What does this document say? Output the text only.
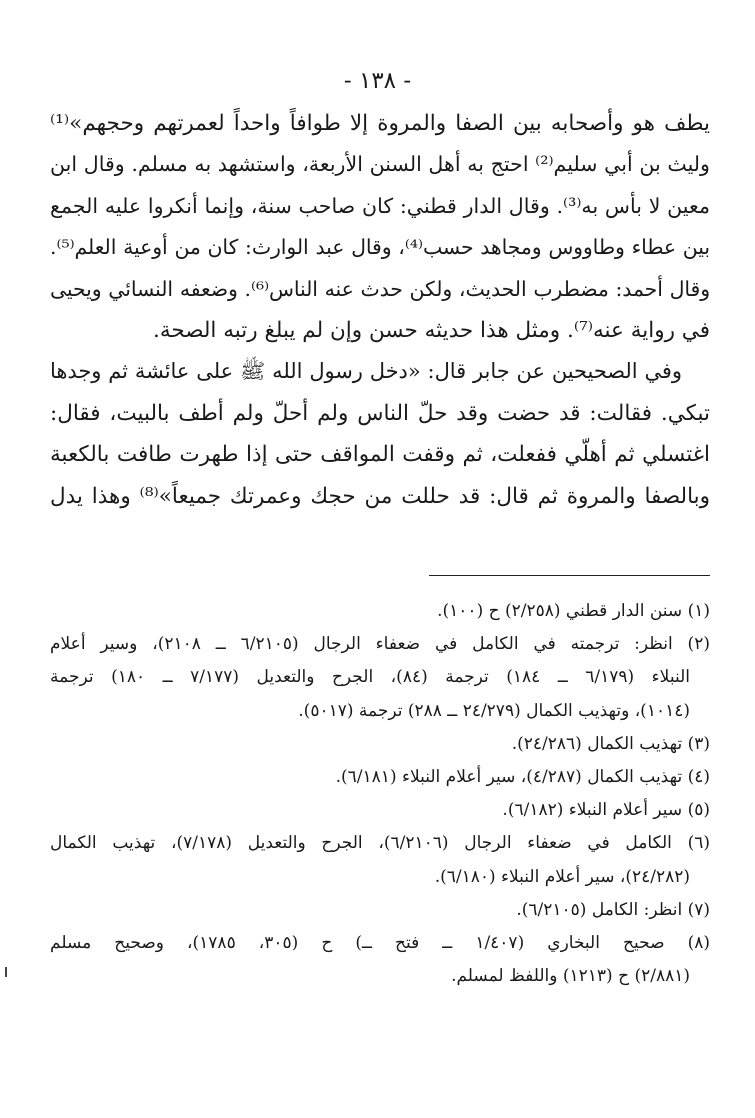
- ١٣٨ -
يطف هو وأصحابه بين الصفا والمروة إلا طوافاً واحداً لعمرتهم وحجهم»⁽¹⁾
وليث بن أبي سليم⁽²⁾ احتج به أهل السنن الأربعة، واستشهد به مسلم. وقال ابن
معين لا بأس به⁽³⁾. وقال الدار قطني: كان صاحب سنة، وإنما أنكروا عليه الجمع
بين عطاء وطاووس ومجاهد حسب⁽⁴⁾، وقال عبد الوارث: كان من أوعية العلم⁽⁵⁾.
وقال أحمد: مضطرب الحديث، ولكن حدث عنه الناس⁽⁶⁾. وضعفه النسائي ويحيى
في رواية عنه⁽⁷⁾. ومثل هذا حديثه حسن وإن لم يبلغ رتبه الصحة.
وفي الصحيحين عن جابر قال: «دخل رسول الله ﷺ على عائشة ثم وجدها
تبكي. فقالت: قد حضت وقد حلّ الناس ولم أحلّ ولم أطف بالبيت، فقال:
اغتسلي ثم أهلّي ففعلت، ثم وقفت المواقف حتى إذا طهرت طافت بالكعبة
وبالصفا والمروة ثم قال: قد حللت من حجك وعمرتك جميعاً»⁽⁸⁾ وهذا يدل
(١) سنن الدار قطني (٢/٢٥٨) ح (١٠٠).
(٢) انظر: ترجمته في الكامل في ضعفاء الرجال (٦/٢١٠٥ ــ ٢١٠٨)، وسير أعلام
النبلاء (٦/١٧٩ ــ ١٨٤) ترجمة (٨٤)، الجرح والتعديل (٧/١٧٧ ــ ١٨٠) ترجمة
(١٠١٤)، وتهذيب الكمال (٢٤/٢٧٩ ــ ٢٨٨) ترجمة (٥٠١٧).
(٣) تهذيب الكمال (٢٤/٢٨٦).
(٤) تهذيب الكمال (٤/٢٨٧)، سير أعلام النبلاء (٦/١٨١).
(٥) سير أعلام النبلاء (٦/١٨٢).
(٦) الكامل في ضعفاء الرجال (٦/٢١٠٦)، الجرح والتعديل (٧/١٧٨)، تهذيب الكمال
(٢٤/٢٨٢)، سير أعلام النبلاء (٦/١٨٠).
(٧) انظر: الكامل (٦/٢١٠٥).
(٨) صحيح البخاري (١/٤٠٧ ــ فتح ــ) ح (٣٠٥، ١٧٨٥)، وصحيح مسلم
(٢/٨٨١) ح (١٢١٣) واللفظ لمسلم.
